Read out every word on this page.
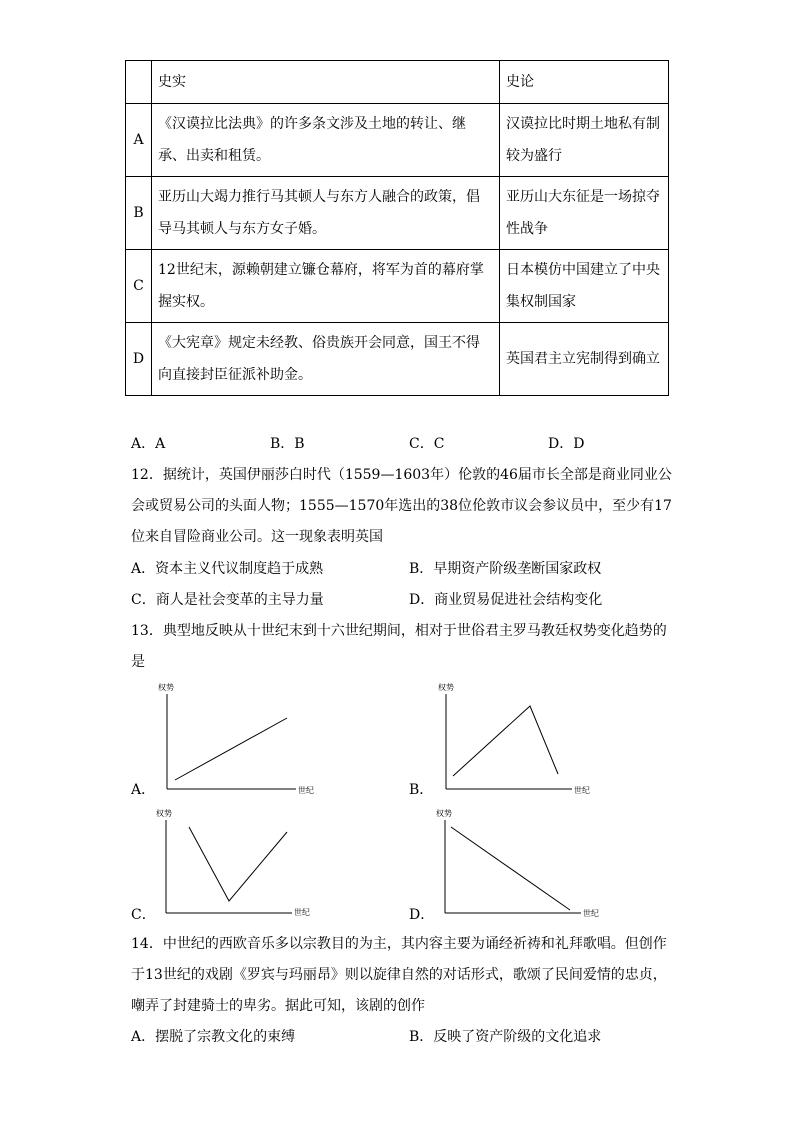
	史实	史论
A	《汉谟拉比法典》的许多条文涉及土地的转让、继承、出卖和租赁。	汉谟拉比时期土地私有制较为盛行
B	亚历山大竭力推行马其顿人与东方人融合的政策，倡导马其顿人与东方女子婚。	亚历山大东征是一场掠夺性战争
C	12世纪末，源赖朝建立镰仓幕府，将军为首的幕府掌握实权。	日本模仿中国建立了中央集权制国家
D	《大宪章》规定未经教、俗贵族开会同意，国王不得向直接封臣征派补助金。	英国君主立宪制得到确立
A．A	B．B	C．C	D．D
12．据统计，英国伊丽莎白时代（1559—1603年）伦敦的46届市长全部是商业同业公
会或贸易公司的头面人物；1555—1570年选出的38位伦敦市议会参议员中，至少有17
位来自冒险商业公司。这一现象表明英国
A．资本主义代议制度趋于成熟	B．早期资产阶级垄断国家政权
C．商人是社会变革的主导力量	D．商业贸易促进社会结构变化
13．典型地反映从十世纪末到十六世纪期间，相对于世俗君主罗马教廷权势变化趋势的
是
A．
权势
世纪	B．
权势
世纪
C．
权势
世纪	D．
权势
世纪
14．中世纪的西欧音乐多以宗教目的为主，其内容主要为诵经祈祷和礼拜歌唱。但创作
于13世纪的戏剧《罗宾与玛丽昂》则以旋律自然的对话形式，歌颂了民间爱情的忠贞，
嘲弄了封建骑士的卑劣。据此可知，该剧的创作
A．摆脱了宗教文化的束缚	B．反映了资产阶级的文化追求
